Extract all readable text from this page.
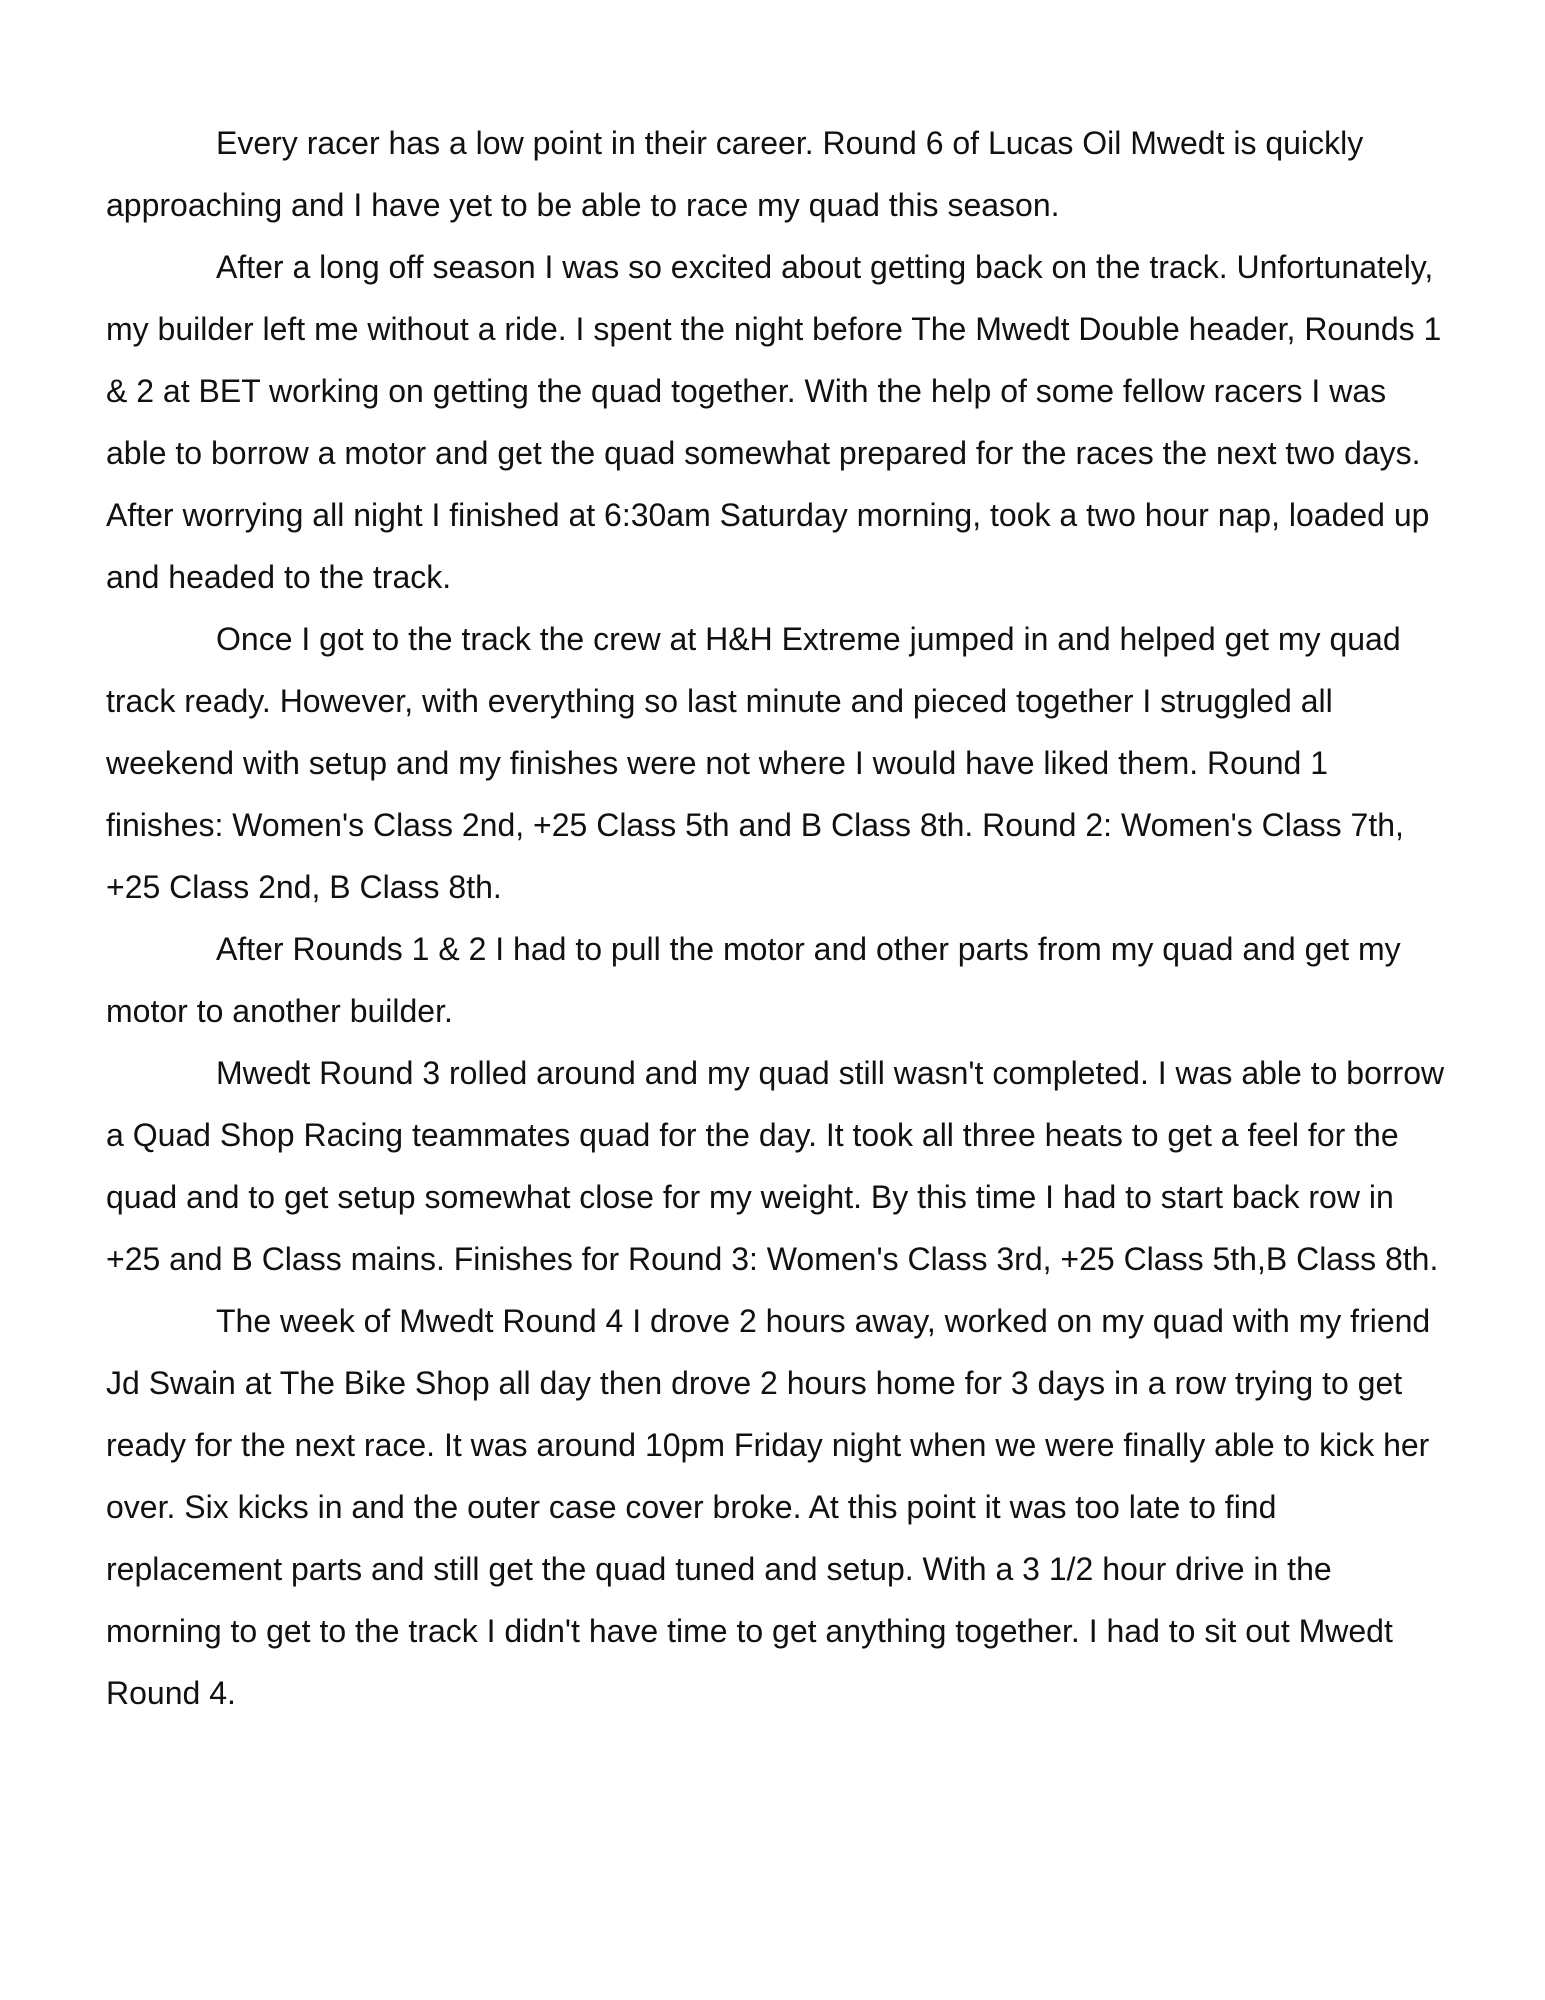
Every racer has a low point in their career. Round 6 of Lucas Oil Mwedt is quickly approaching and I have yet to be able to race my quad this season.

After a long off season I was so excited about getting back on the track. Unfortunately, my builder left me without a ride. I spent the night before The Mwedt Double header, Rounds 1 & 2 at BET working on getting the quad together. With the help of some fellow racers I was able to borrow a motor and get the quad somewhat prepared for the races the next two days. After worrying all night I finished at 6:30am Saturday morning, took a two hour nap, loaded up and headed to the track.

Once I got to the track the crew at H&H Extreme jumped in and helped get my quad track ready. However, with everything so last minute and pieced together I struggled all weekend with setup and my finishes were not where I would have liked them. Round 1 finishes: Women's Class 2nd, +25 Class 5th and B Class 8th. Round 2: Women's Class 7th, +25 Class 2nd, B Class 8th.

After Rounds 1 & 2 I had to pull the motor and other parts from my quad and get my motor to another builder.

Mwedt Round 3 rolled around and my quad still wasn't completed. I was able to borrow a Quad Shop Racing teammates quad for the day. It took all three heats to get a feel for the quad and to get setup somewhat close for my weight. By this time I had to start back row in +25 and B Class mains. Finishes for Round 3: Women's Class 3rd, +25 Class 5th,B Class 8th.

The week of Mwedt Round 4 I drove 2 hours away, worked on my quad with my friend Jd Swain at The Bike Shop all day then drove 2 hours home for 3 days in a row trying to get ready for the next race. It was around 10pm Friday night when we were finally able to kick her over. Six kicks in and the outer case cover broke. At this point it was too late to find replacement parts and still get the quad tuned and setup. With a 3 1/2 hour drive in the morning to get to the track I didn't have time to get anything together. I had to sit out Mwedt Round 4.
